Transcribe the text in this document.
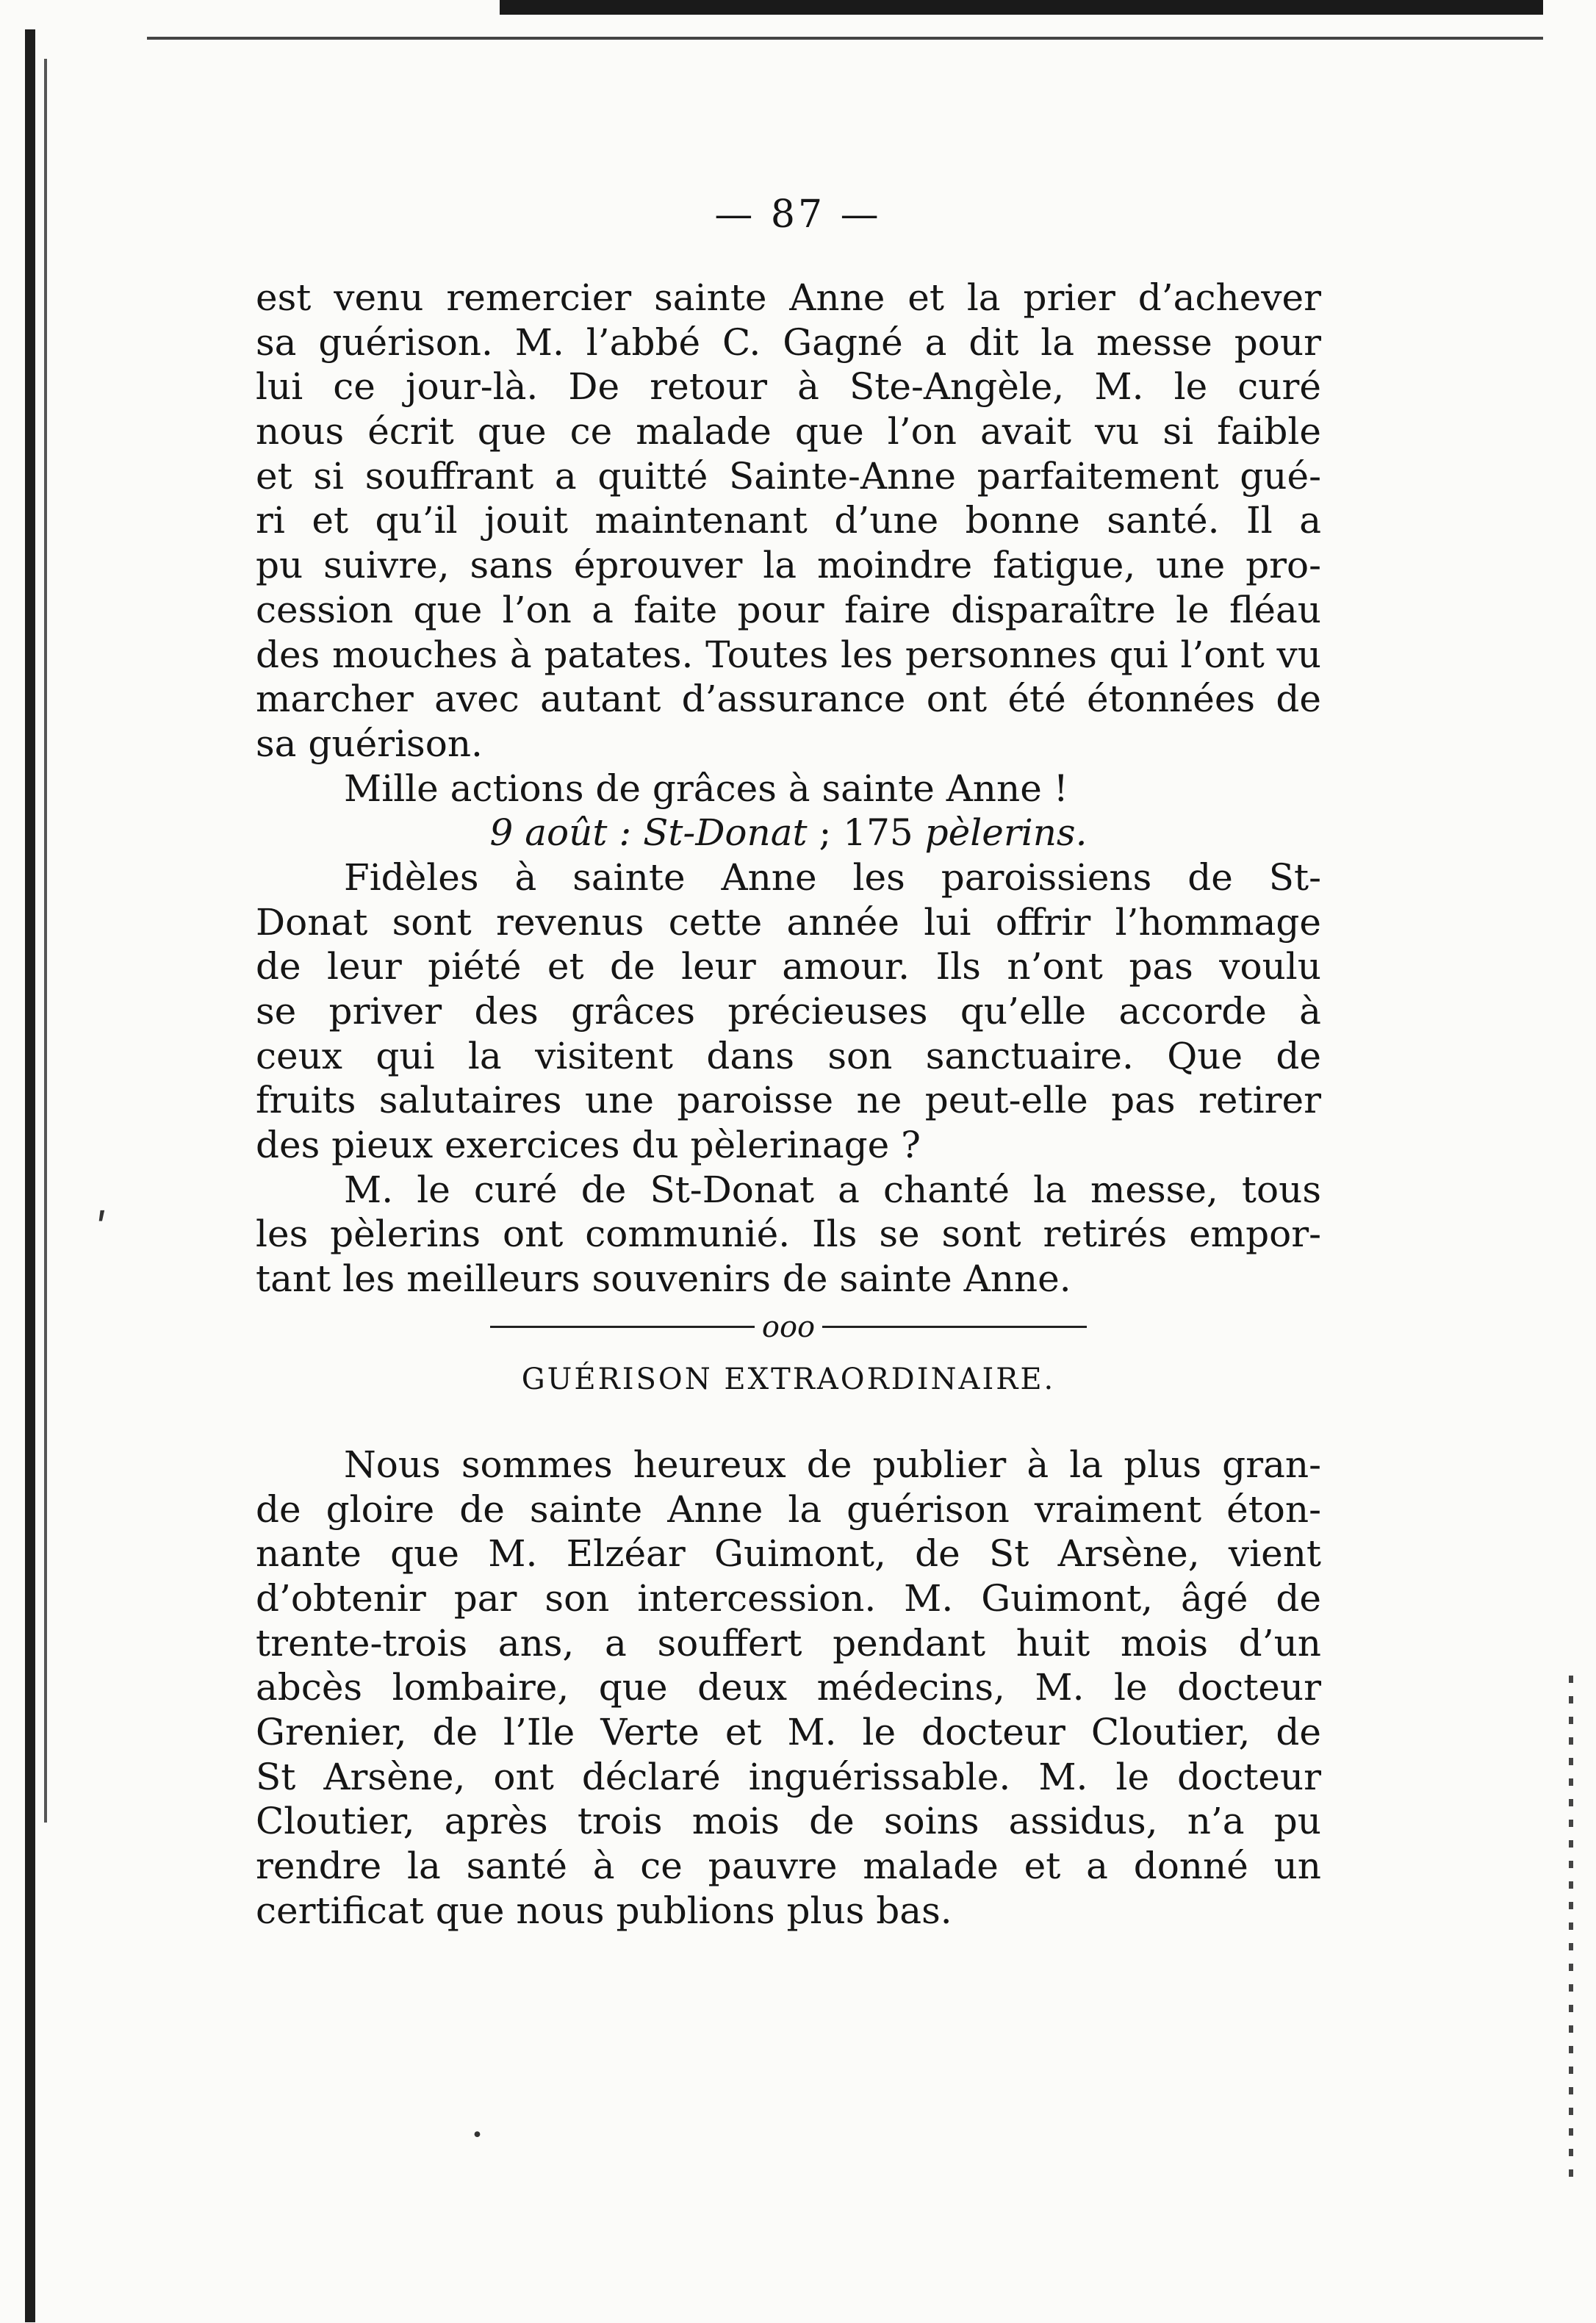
— 87 —
est venu remercier sainte Anne et la prier d’achever
sa guérison. M. l’abbé C. Gagné a dit la messe pour
lui ce jour-là. De retour à Ste-Angèle, M. le curé
nous écrit que ce malade que l’on avait vu si faible
et si souffrant a quitté Sainte-Anne parfaitement gué-
ri et qu’il jouit maintenant d’une bonne santé. Il a
pu suivre, sans éprouver la moindre fatigue, une pro-
cession que l’on a faite pour faire disparaître le fléau
des mouches à patates. Toutes les personnes qui l’ont vu
marcher avec autant d’assurance ont été étonnées de
sa guérison.
Mille actions de grâces à sainte Anne !
9 août : St-Donat ; 175 pèlerins.
Fidèles à sainte Anne les paroissiens de St-
Donat sont revenus cette année lui offrir l’hommage
de leur piété et de leur amour. Ils n’ont pas voulu
se priver des grâces précieuses qu’elle accorde à
ceux qui la visitent dans son sanctuaire. Que de
fruits salutaires une paroisse ne peut-elle pas retirer
des pieux exercices du pèlerinage ?
M. le curé de St-Donat a chanté la messe, tous
les pèlerins ont communié. Ils se sont retirés empor-
tant les meilleurs souvenirs de sainte Anne.
ooo
GUÉRISON EXTRAORDINAIRE.
Nous sommes heureux de publier à la plus gran-
de gloire de sainte Anne la guérison vraiment éton-
nante que M. Elzéar Guimont, de St Arsène, vient
d’obtenir par son intercession. M. Guimont, âgé de
trente-trois ans, a souffert pendant huit mois d’un
abcès lombaire, que deux médecins, M. le docteur
Grenier, de l’Ile Verte et M. le docteur Cloutier, de
St Arsène, ont déclaré inguérissable. M. le docteur
Cloutier, après trois mois de soins assidus, n’a pu
rendre la santé à ce pauvre malade et a donné un
certificat que nous publions plus bas.
ʹ
·
